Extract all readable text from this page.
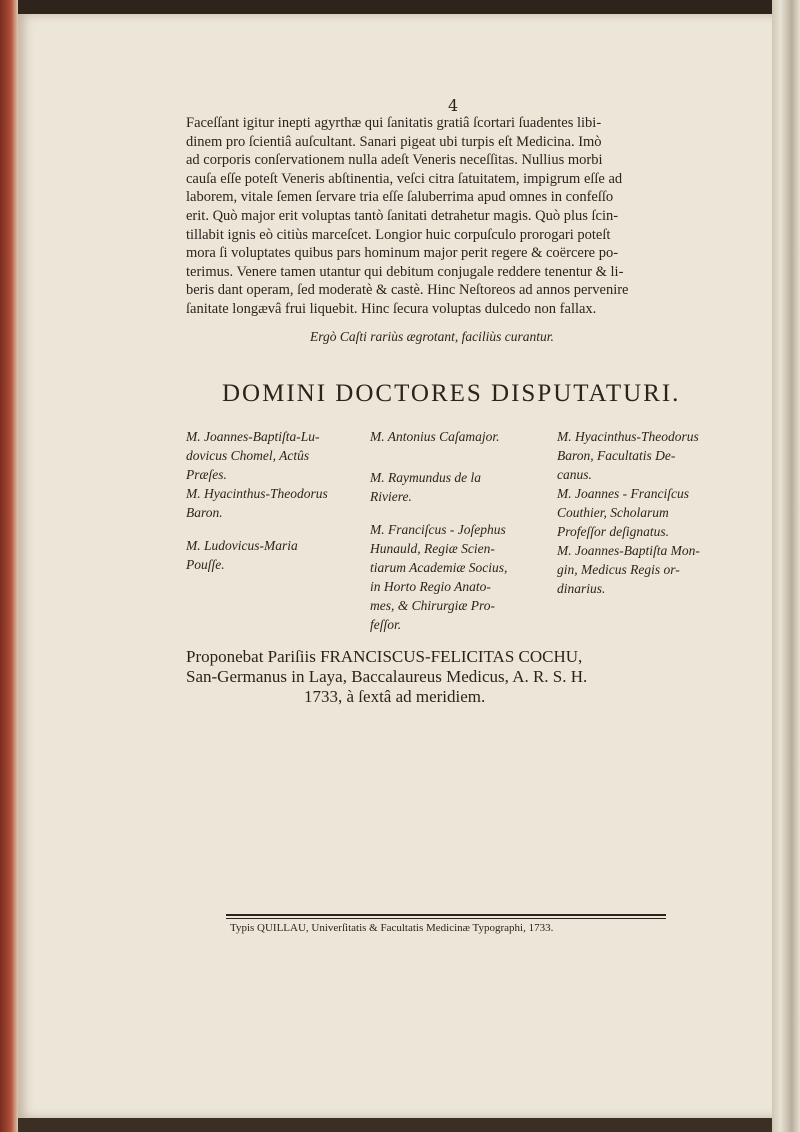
4

Faceſſant igitur inepti agyrthæ qui ſanitatis gratiâ ſcortari ſuadentes libi-

dinem pro ſcientiâ auſcultant. Sanari pigeat ubi turpis eſt Medicina. Imò

ad corporis conſervationem nulla adeſt Veneris neceſſitas. Nullius morbi

cauſa eſſe poteſt Veneris abſtinentia, veſci citra ſatuitatem, impigrum eſſe ad

laborem, vitale ſemen ſervare tria eſſe ſaluberrima apud omnes in confeſſo

erit. Quò major erit voluptas tantò ſanitati detrahetur magis. Quò plus ſcin-

tillabit ignis eò citiùs marceſcet. Longior huic corpuſculo prorogari poteſt

mora ſi voluptates quibus pars hominum major perit regere & coërcere po-

terimus. Venere tamen utantur qui debitum conjugale reddere tenentur & li-

beris dant operam, ſed moderatè & castè. Hinc Neſtoreos ad annos pervenire

ſanitate longævâ frui liquebit. Hinc ſecura voluptas dulcedo non fallax.

Ergò Caſti rariùs ægrotant, faciliùs curantur.
DOMINI DOCTORES DISPUTATURI.
M. Joannes-Baptiſta-Lu-
dovicus Chomel, Actûs
Præſes.
M. Hyacinthus-Theodorus
Baron.
M. Ludovicus-Maria
Pouſſe.
M. Antonius Caſamajor.
M. Raymundus de la
Riviere.
M. Franciſcus - Joſephus
Hunauld, Regiæ Scien-
tiarum Academiæ Socius,
in Horto Regio Anato-
mes, & Chirurgiæ Pro-
feſſor.
M. Hyacinthus-Theodorus
Baron, Facultatis De-
canus.
M. Joannes - Franciſcus
Couthier, Scholarum
Profeſſor deſignatus.
M. Joannes-Baptiſta Mon-
gin, Medicus Regis or-
dinarius.
Proponebat Pariſiis FRANCISCUS-FELICITAS COCHU,
San-Germanus in Laya, Baccalaureus Medicus, A. R. S. H.
1733, à ſextâ ad meridiem.
Typis QUILLAU, Univerſitatis & Facultatis Medicinæ Typographi, 1733.
